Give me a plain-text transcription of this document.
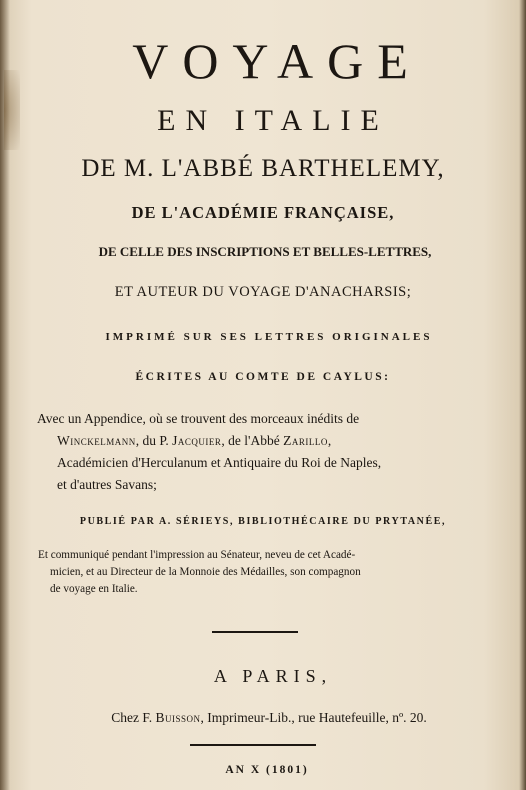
VOYAGE
EN ITALIE
DE M. L'ABBÉ BARTHELEMY,
DE L'ACADÉMIE FRANÇAISE,
DE CELLE DES INSCRIPTIONS ET BELLES-LETTRES,
ET AUTEUR DU VOYAGE D'ANACHARSIS;
IMPRIMÉ SUR SES LETTRES ORIGINALES
ÉCRITES AU COMTE DE CAYLUS:
Avec un Appendice, où se trouvent des morceaux inédits de
Winckelmann, du P. Jacquier, de l'Abbé Zarillo,
Académicien d'Herculanum et Antiquaire du Roi de Naples,
et d'autres Savans;
PUBLIÉ PAR A. SÉRIEYS, BIBLIOTHÉCAIRE DU PRYTANÉE,
Et communiqué pendant l'impression au Sénateur, neveu de cet Acadé-
micien, et au Directeur de la Monnoie des Médailles, son compagnon
de voyage en Italie.
A PARIS,
Chez F. Buisson, Imprimeur-Lib., rue Hautefeuille, nº. 20.
AN X (1801)
